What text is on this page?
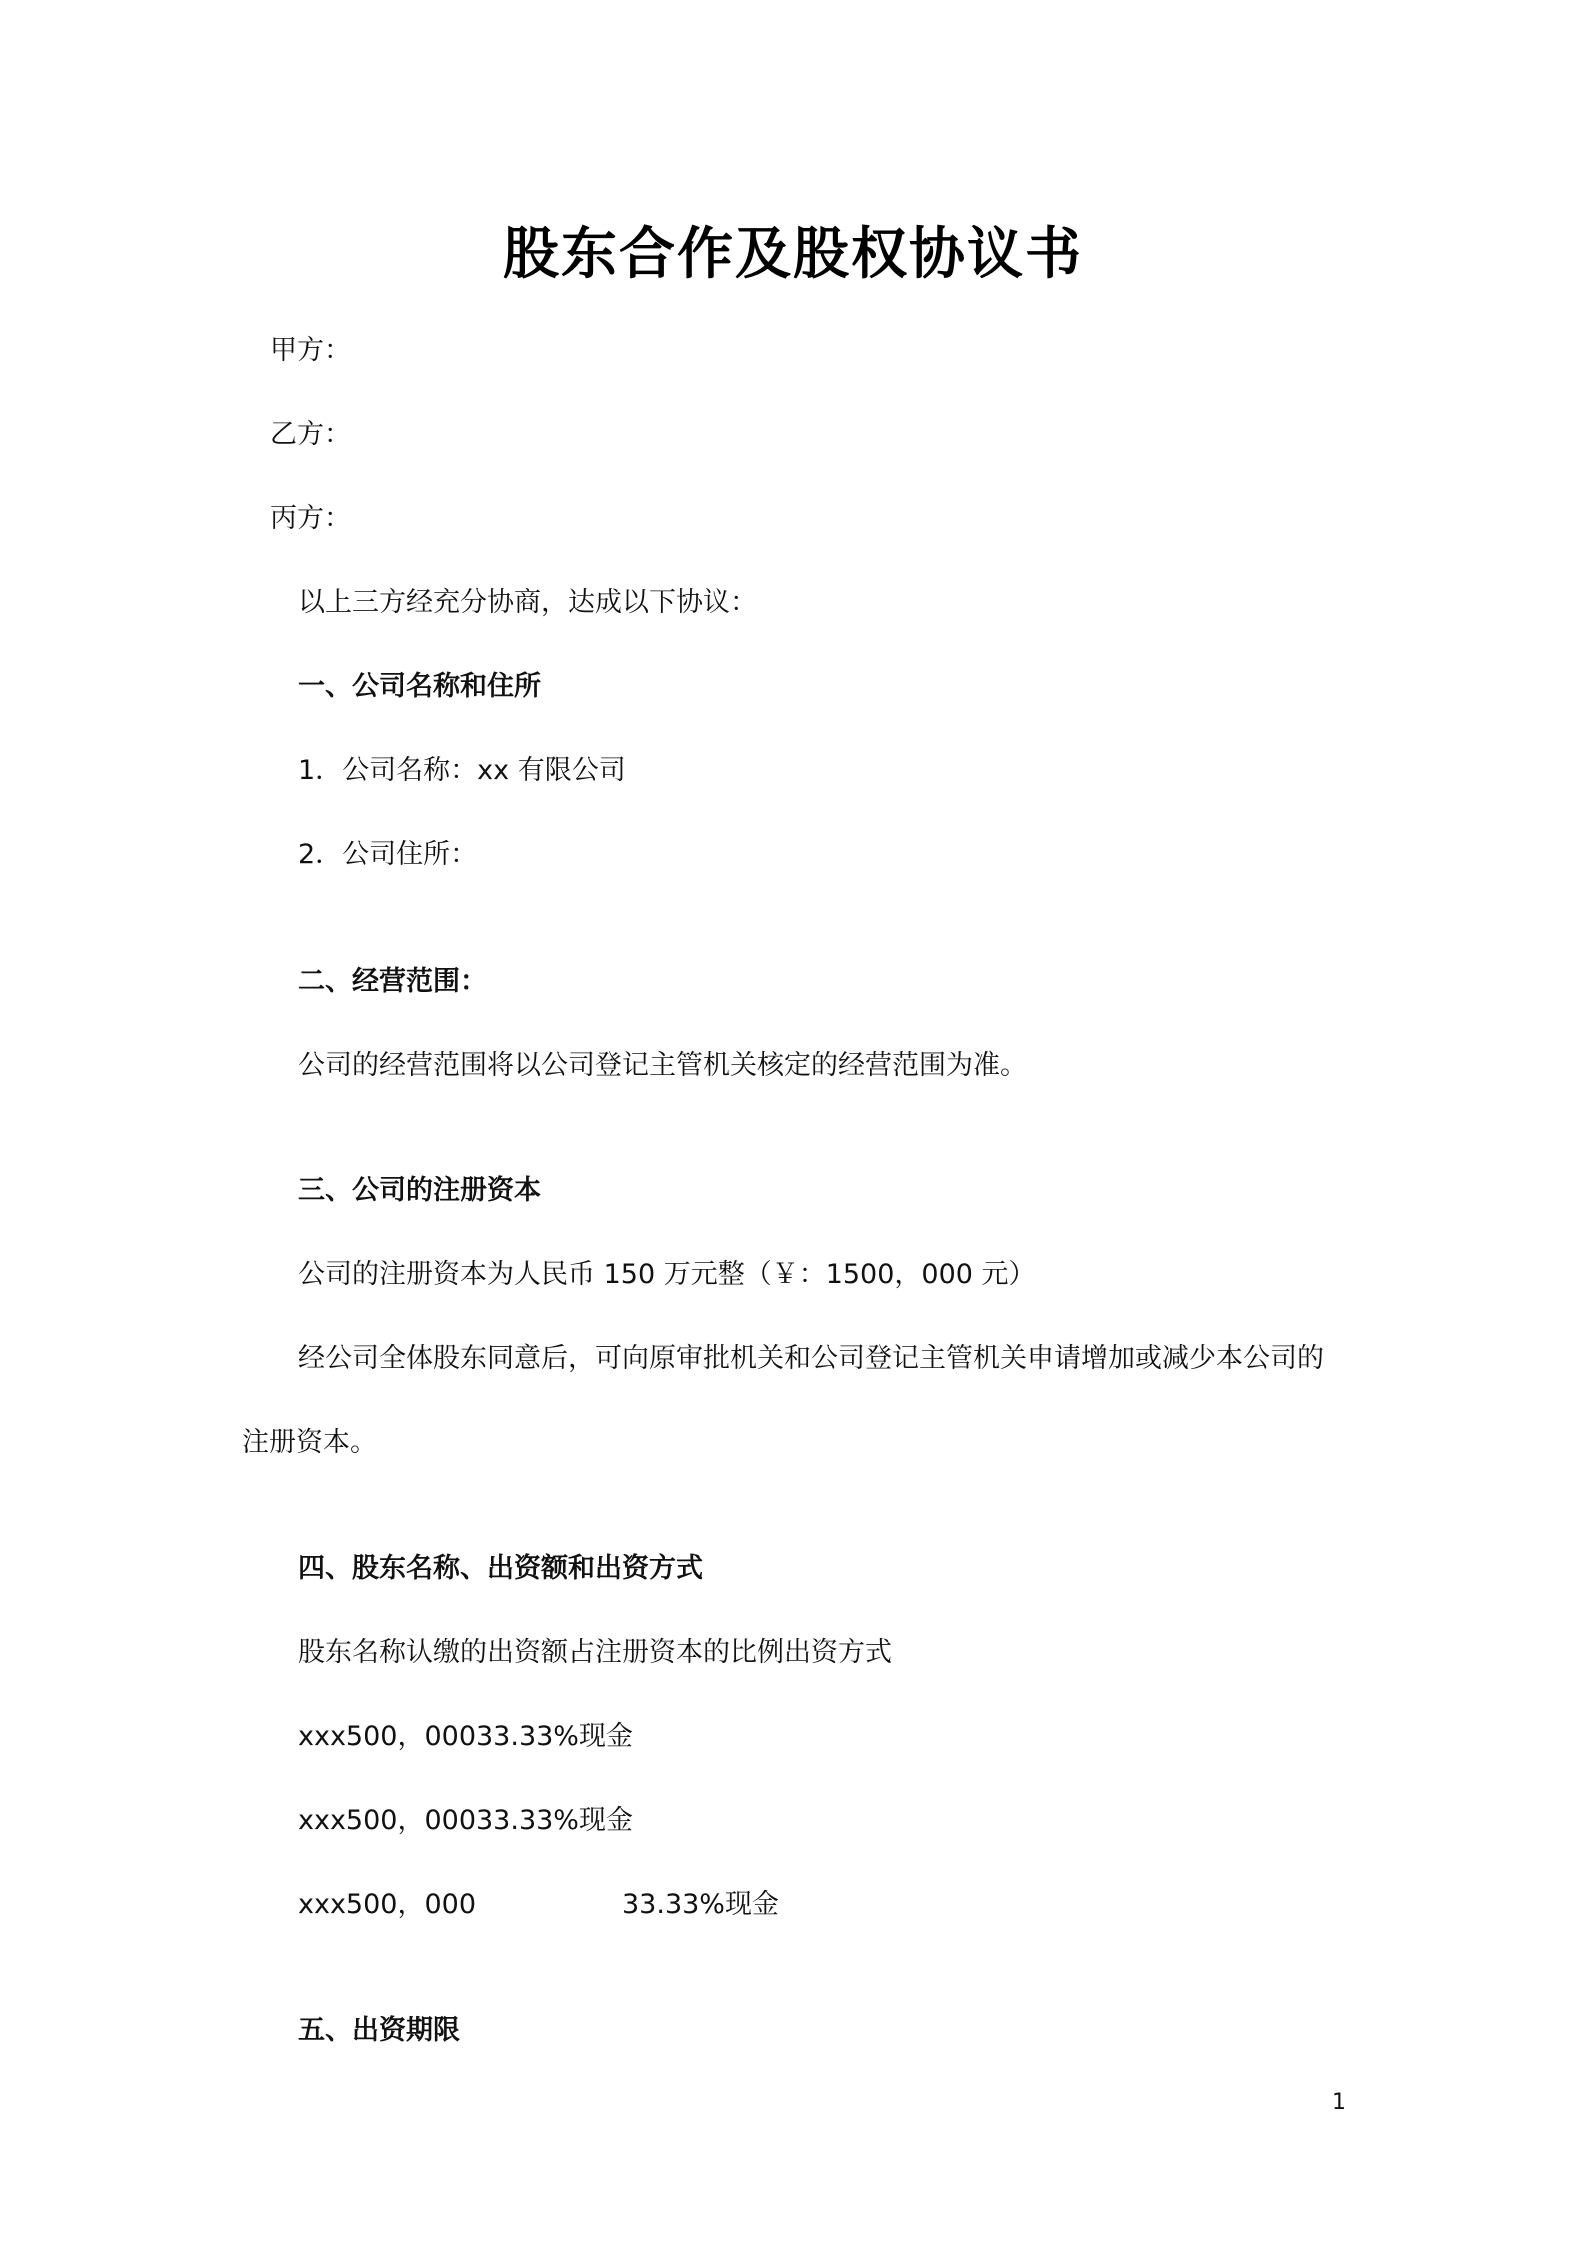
股东合作及股权协议书
甲方：
乙方：
丙方：
以上三方经充分协商，达成以下协议：
一、公司名称和住所
1．公司名称：xx 有限公司
2．公司住所：
二、经营范围：
公司的经营范围将以公司登记主管机关核定的经营范围为准。
三、公司的注册资本
公司的注册资本为人民币 150 万元整（￥：1500，000 元）
经公司全体股东同意后，可向原审批机关和公司登记主管机关申请增加或减少本公司的
注册资本。
四、股东名称、出资额和出资方式
股东名称认缴的出资额占注册资本的比例出资方式
xxx500，00033.33%现金
xxx500，00033.33%现金
xxx500，000	33.33%现金
五、出资期限
1
